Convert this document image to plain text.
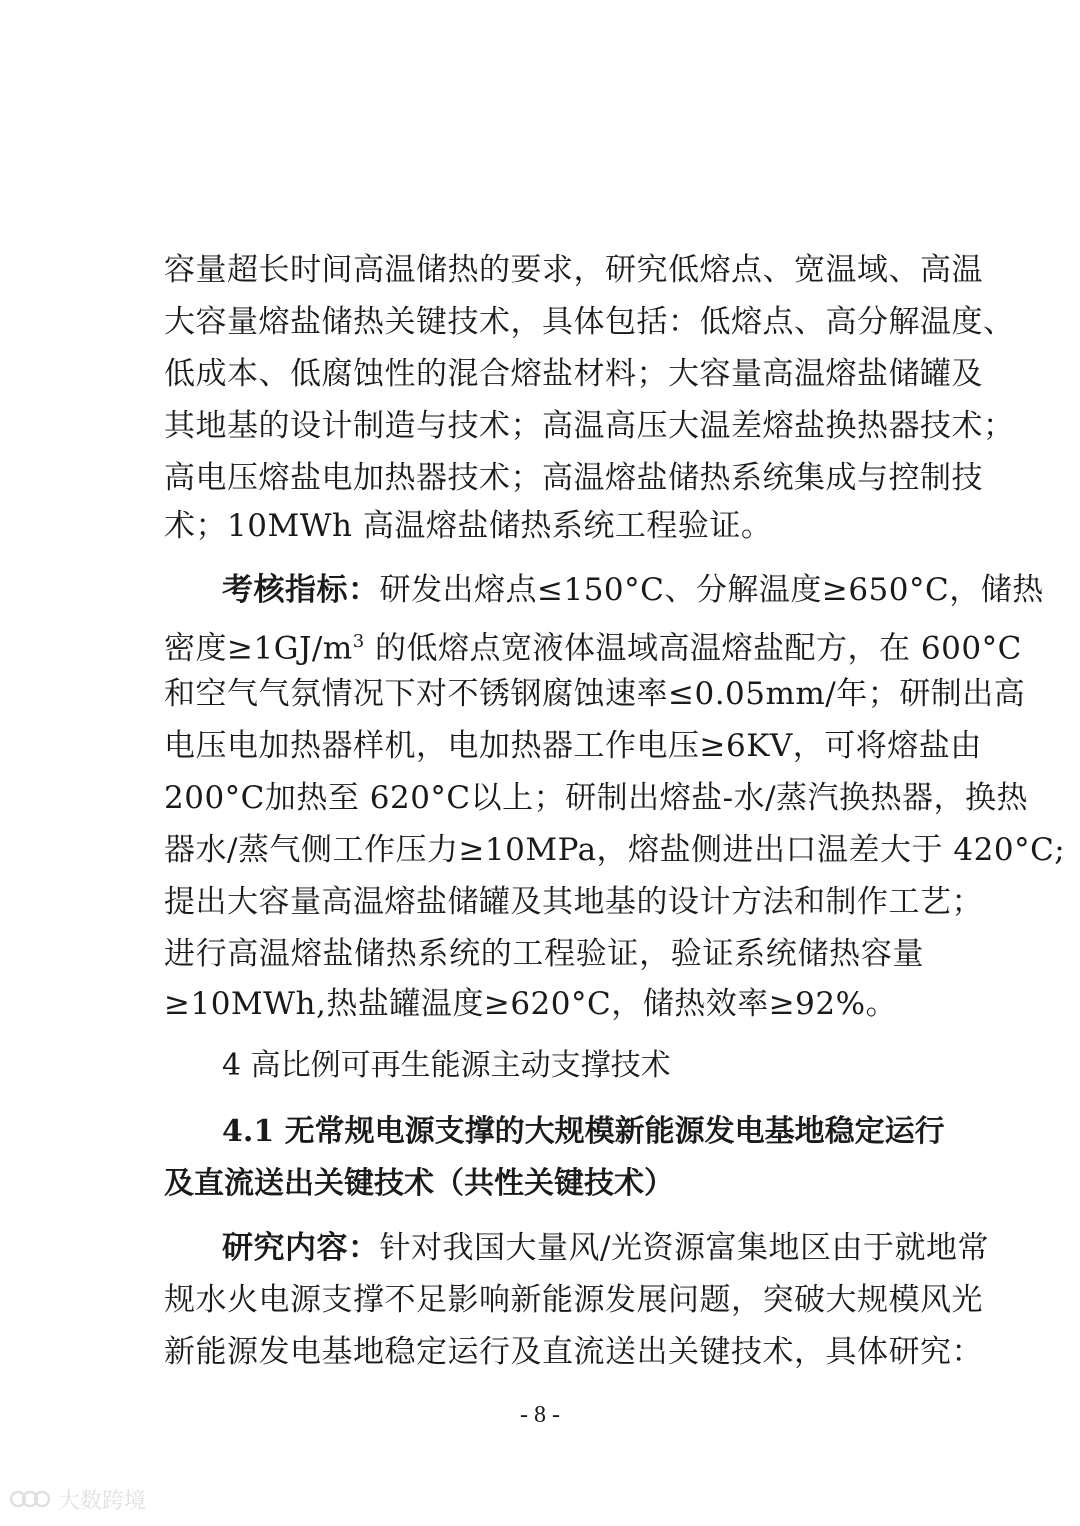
容量超长时间高温储热的要求，研究低熔点、宽温域、高温
大容量熔盐储热关键技术，具体包括：低熔点、高分解温度、
低成本、低腐蚀性的混合熔盐材料；大容量高温熔盐储罐及
其地基的设计制造与技术；高温高压大温差熔盐换热器技术；
高电压熔盐电加热器技术；高温熔盐储热系统集成与控制技
术；10MWh 高温熔盐储热系统工程验证。
考核指标：研发出熔点≤150°C、分解温度≥650°C，储热
密度$\ge 1GJ/m^3$ 的低熔点宽液体温域高温熔盐配方，在 600°C
和空气气氛情况下对不锈钢腐蚀速率≤0.05mm/年；研制出高
电压电加热器样机，电加热器工作电压≥6KV，可将熔盐由
200°C加热至 620°C以上；研制出熔盐-水/蒸汽换热器，换热
器水/蒸气侧工作压力≥10MPa，熔盐侧进出口温差大于 420°C;
提出大容量高温熔盐储罐及其地基的设计方法和制作工艺；
进行高温熔盐储热系统的工程验证，验证系统储热容量
≥10MWh,热盐罐温度≥620°C，储热效率≥92%。
4 高比例可再生能源主动支撑技术
4.1 无常规电源支撑的大规模新能源发电基地稳定运行
及直流送出关键技术（共性关键技术）
研究内容：针对我国大量风/光资源富集地区由于就地常
规水火电源支撑不足影响新能源发展问题，突破大规模风光
新能源发电基地稳定运行及直流送出关键技术，具体研究：
- 8 -
大数跨境
